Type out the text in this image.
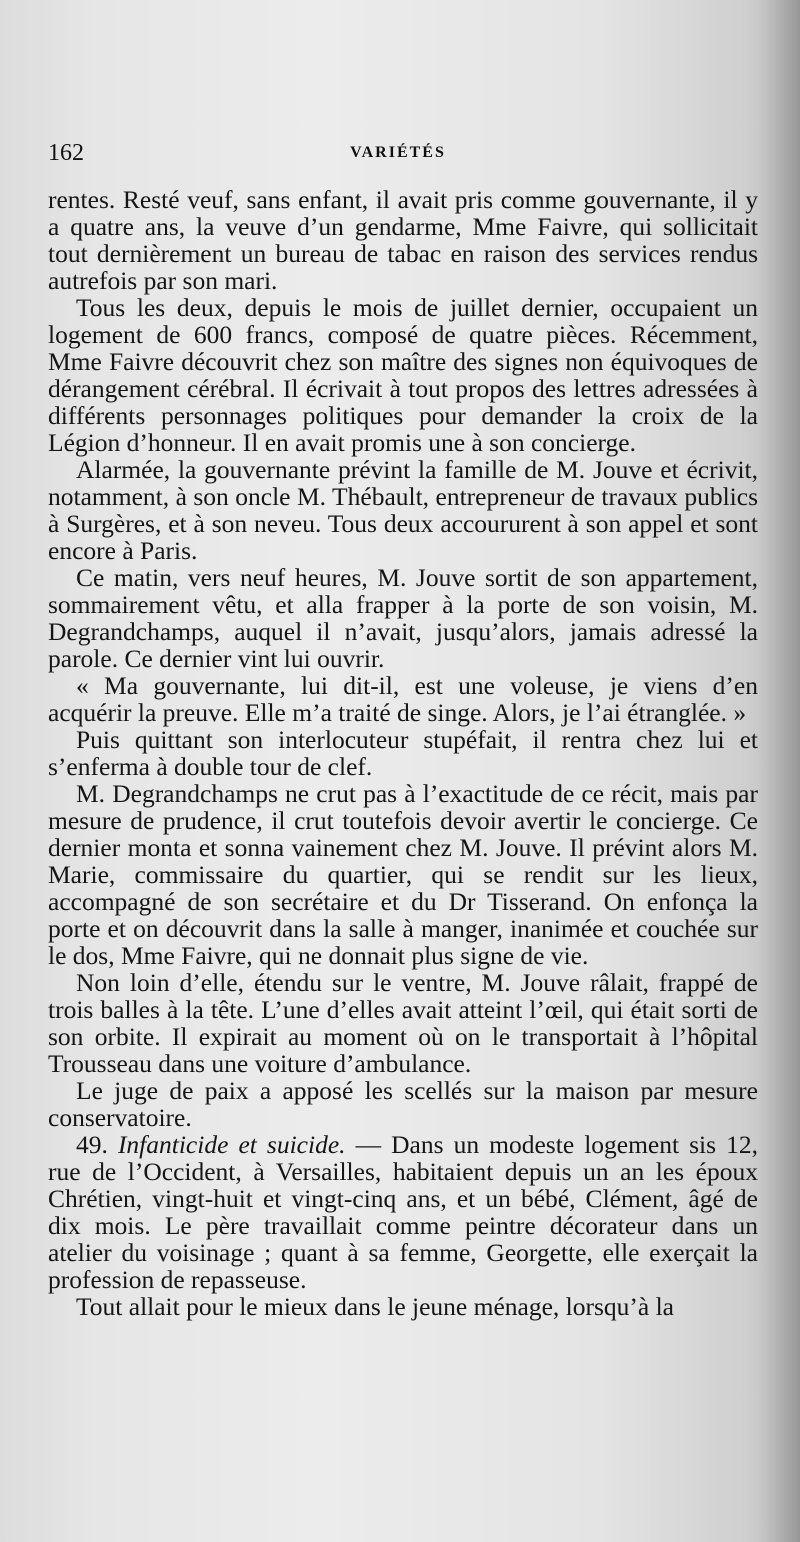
162	VARIÉTÉS

rentes. Resté veuf, sans enfant, il avait pris comme gouvernante, il y a quatre ans, la veuve d’un gendarme, Mme Faivre, qui sollicitait tout dernièrement un bureau de tabac en raison des services rendus autrefois par son mari.

Tous les deux, depuis le mois de juillet dernier, occupaient un logement de 600 francs, composé de quatre pièces. Récemment, Mme Faivre découvrit chez son maître des signes non équivoques de dérangement cérébral. Il écrivait à tout propos des lettres adressées à différents personnages politiques pour demander la croix de la Légion d’honneur. Il en avait promis une à son concierge.

Alarmée, la gouvernante prévint la famille de M. Jouve et écrivit, notamment, à son oncle M. Thébault, entrepreneur de travaux publics à Surgères, et à son neveu. Tous deux accoururent à son appel et sont encore à Paris.

Ce matin, vers neuf heures, M. Jouve sortit de son appartement, sommairement vêtu, et alla frapper à la porte de son voisin, M. Degrandchamps, auquel il n’avait, jusqu’alors, jamais adressé la parole. Ce dernier vint lui ouvrir.

« Ma gouvernante, lui dit-il, est une voleuse, je viens d’en acquérir la preuve. Elle m’a traité de singe. Alors, je l’ai étranglée. »

Puis quittant son interlocuteur stupéfait, il rentra chez lui et s’enferma à double tour de clef.

M. Degrandchamps ne crut pas à l’exactitude de ce récit, mais par mesure de prudence, il crut toutefois devoir avertir le concierge. Ce dernier monta et sonna vainement chez M. Jouve. Il prévint alors M. Marie, commissaire du quartier, qui se rendit sur les lieux, accompagné de son secrétaire et du Dr Tisserand. On enfonça la porte et on découvrit dans la salle à manger, inanimée et couchée sur le dos, Mme Faivre, qui ne donnait plus signe de vie.

Non loin d’elle, étendu sur le ventre, M. Jouve râlait, frappé de trois balles à la tête. L’une d’elles avait atteint l’œil, qui était sorti de son orbite. Il expirait au moment où on le transportait à l’hôpital Trousseau dans une voiture d’ambulance.

Le juge de paix a apposé les scellés sur la maison par mesure conservatoire.

49. Infanticide et suicide. — Dans un modeste logement sis 12, rue de l’Occident, à Versailles, habitaient depuis un an les époux Chrétien, vingt-huit et vingt-cinq ans, et un bébé, Clément, âgé de dix mois. Le père travaillait comme peintre décorateur dans un atelier du voisinage ; quant à sa femme, Georgette, elle exerçait la profession de repasseuse.

Tout allait pour le mieux dans le jeune ménage, lorsqu’à la
